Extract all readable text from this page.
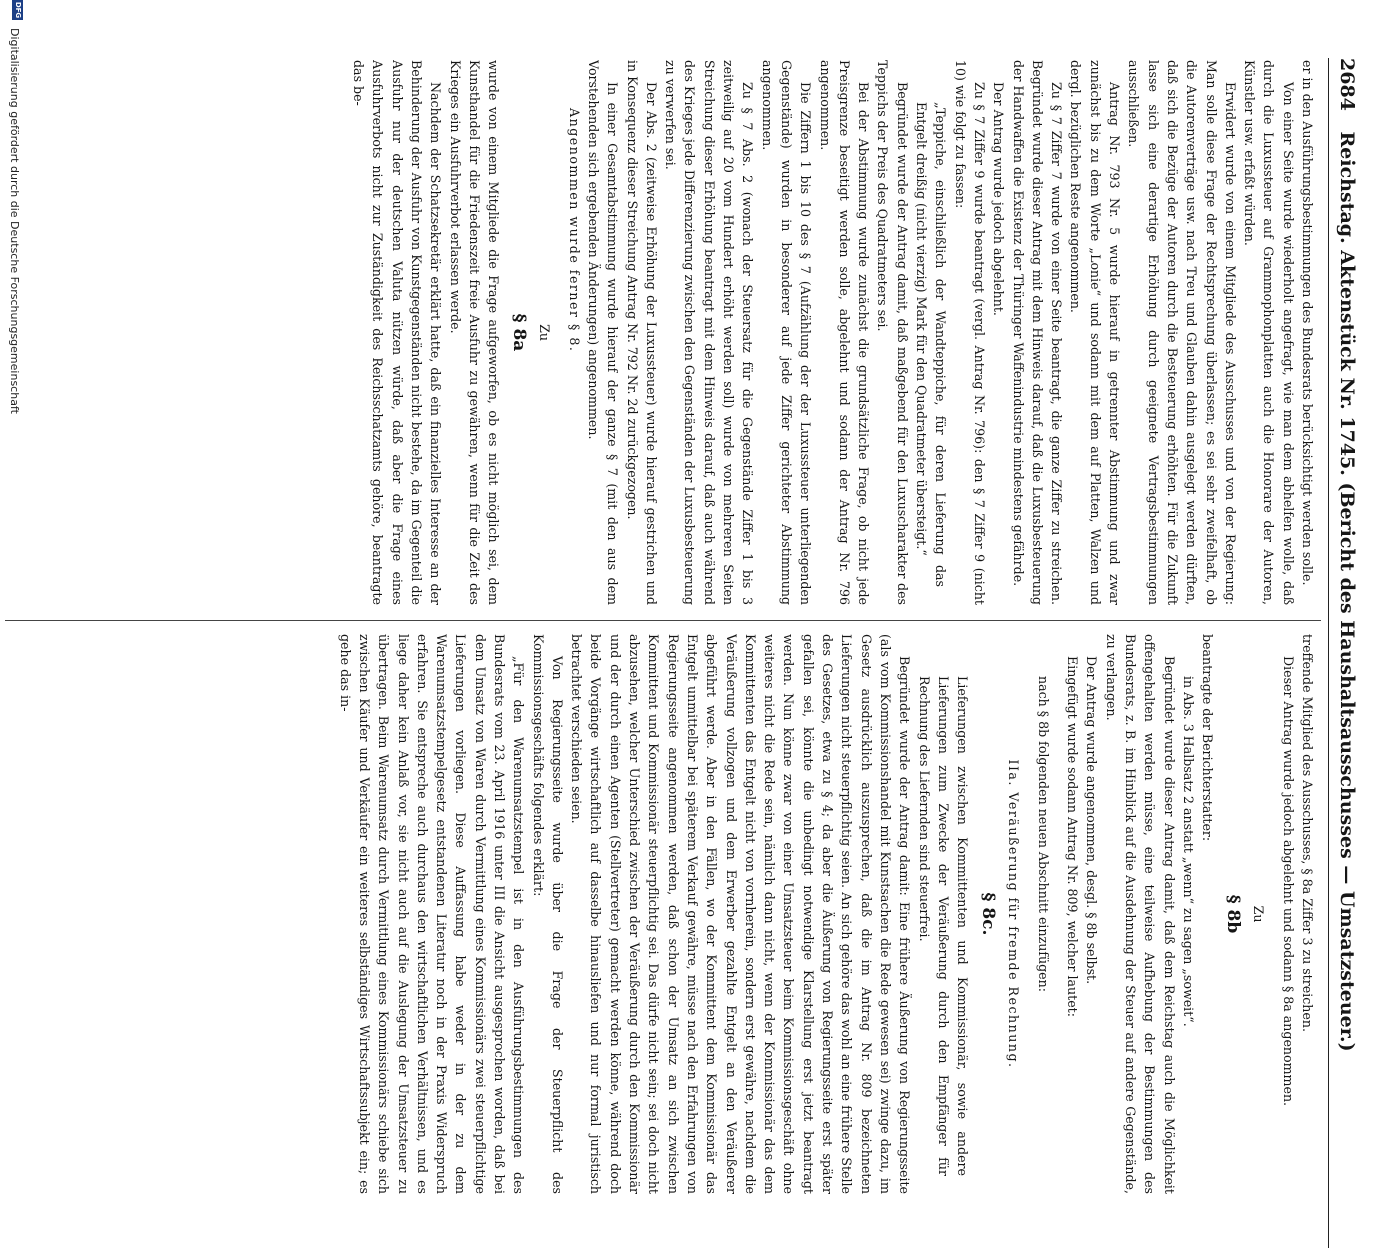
2684 Reichstag. Aktenstück Nr. 1745. (Bericht des Haushaltsausschusses — Umsatzsteuer.)

er in den Ausführungsbestimmungen des Bundesrats berücksichtigt werden solle.

Von einer Seite wurde wiederholt angefragt, wie man dem abhelfen wolle, daß durch die Luxussteuer auf Grammophonplatten auch die Honorare der Autoren, Künstler usw. erfaßt würden.

Erwidert wurde von einem Mitgliede des Ausschusses und von der Regierung: Man solle diese Frage der Rechtsprechung überlassen; es sei sehr zweifelhaft, ob die Autorenverträge usw. nach Treu und Glauben dahin ausgelegt werden dürften, daß sich die Bezüge der Autoren durch die Besteuerung erhöhten. Für die Zukunft lasse sich eine derartige Erhöhung durch geeignete Vertragsbestimmungen ausschließen.

Antrag Nr. 793 Nr. 5 wurde hierauf in getrennter Abstimmung und zwar zunächst bis zu dem Worte „Lonie“ und sodann mit dem auf Platten, Walzen und dergl. bezüglichen Reste angenommen.

Zu § 7 Ziffer 7 wurde von einer Seite beantragt, die ganze Ziffer zu streichen. Begründet wurde dieser Antrag mit dem Hinweis darauf, daß die Luxusbesteuerung der Handwaffen die Existenz der Thüringer Waffenindustrie mindestens gefährde.

Der Antrag wurde jedoch abgelehnt.

Zu § 7 Ziffer 9 wurde beantragt (vergl. Antrag Nr. 796): den § 7 Ziffer 9 (nicht 10) wie folgt zu fassen:

„Teppiche, einschließlich der Wandteppiche, für deren Lieferung das Entgelt dreißig (nicht vierzig) Mark für den Quadratmeter übersteigt.“

Begründet wurde der Antrag damit, daß maßgebend für den Luxuscharakter des Teppichs der Preis des Quadratmeters sei.

Bei der Abstimmung wurde zunächst die grundsätzliche Frage, ob nicht jede Preisgrenze beseitigt werden solle, abgelehnt und sodann der Antrag Nr. 796 angenommen.

Die Ziffern 1 bis 10 des § 7 (Aufzählung der der Luxussteuer unterliegenden Gegenstände) wurden in besonderer auf jede Ziffer gerichteter Abstimmung angenommen.

Zu § 7 Abs. 2 (wonach der Steuersatz für die Gegenstände Ziffer 1 bis 3 zeitweilig auf 20 vom Hundert erhöht werden soll) wurde von mehreren Seiten Streichung dieser Erhöhung beantragt mit dem Hinweis darauf, daß auch während des Krieges jede Differenzierung zwischen den Gegenständen der Luxusbesteuerung zu verwerfen sei.

Der Abs. 2 (zeitweise Erhöhung der Luxussteuer) wurde hierauf gestrichen und in Konsequenz dieser Streichung Antrag Nr. 792 Nr. 2d zurückgezogen.

In einer Gesamtabstimmung wurde hierauf der ganze § 7 (mit den aus dem Vorstehenden sich ergebenden Änderungen) angenommen.

Angenommen wurde ferner § 8.

Zu

§ 8a

wurde von einem Mitgliede die Frage aufgeworfen, ob es nicht möglich sei, dem Kunsthandel für die Friedenszeit freie Ausfuhr zu gewähren, wenn für die Zeit des Krieges ein Ausfuhrverbot erlassen werde.

Nachdem der Schatzsekretär erklärt hatte, daß ein finanzielles Interesse an der Behinderung der Ausfuhr von Kunstgegenständen nicht bestehe, da im Gegenteil die Ausfuhr nur der deutschen Valuta nützen würde, daß aber die Frage eines Ausfuhrverbots nicht zur Zuständigkeit des Reichsschatzamts gehöre, beantragte das be-

treffende Mitglied des Ausschusses, § 8a Ziffer 3 zu streichen.

Dieser Antrag wurde jedoch abgelehnt und sodann § 8a angenommen.

Zu

§ 8b

beantragte der Berichterstatter:

in Abs. 3 Halbsatz 2 anstatt „wenn“ zu sagen „soweit“.

Begründet wurde dieser Antrag damit, daß dem Reichstag auch die Möglichkeit offengehalten werden müsse, eine teilweise Aufhebung der Bestimmungen des Bundesrats, z. B. im Hinblick auf die Ausdehnung der Steuer auf andere Gegenstände, zu verlangen.

Der Antrag wurde angenommen, desgl. § 8b selbst.

Eingefügt wurde sodann Antrag Nr. 809, welcher lautet:

nach § 8b folgenden neuen Abschnitt einzufügen:

IIa. Veräußerung für fremde Rechnung.

§ 8c.

Lieferungen zwischen Kommittenten und Kommissionär, sowie andere Lieferungen zum Zwecke der Veräußerung durch den Empfänger für Rechnung des Liefernden sind steuerfrei.

Begründet wurde der Antrag damit: Eine frühere Äußerung von Regierungsseite (als vom Kommissionshandel mit Kunstsachen die Rede gewesen sei) zwinge dazu, im Gesetz ausdrücklich auszusprechen, daß die im Antrag Nr. 809 bezeichneten Lieferungen nicht steuerpflichtig seien. An sich gehöre das wohl an eine frühere Stelle des Gesetzes, etwa zu § 4; da aber die Äußerung von Regierungsseite erst später gefallen sei, könnte die unbedingt notwendige Klarstellung erst jetzt beantragt werden. Nun könne zwar von einer Umsatzsteuer beim Kommissionsgeschäft ohne weiteres nicht die Rede sein, nämlich dann nicht, wenn der Kommissionär das dem Kommittenten das Entgelt nicht von vornherein, sondern erst gewähre, nachdem die Veräußerung vollzogen und dem Erwerber gezahlte Entgelt an den Veräußerer abgeführt werde. Aber in den Fällen, wo der Kommittent dem Kommissionär das Entgelt unmittelbar bei späterem Verkauf gewähre, müsse nach den Erfahrungen von Regierungsseite angenommen werden, daß schon der Umsatz an sich zwischen Kommittent und Kommissionär steuerpflichtig sei. Das dürfe nicht sein; sei doch nicht abzusehen, welcher Unterschied zwischen der Veräußerung durch den Kommissionär und der durch einen Agenten (Stellvertreter) gemacht werden könne, während doch beide Vorgänge wirtschaftlich auf dasselbe hinausliefen und nur formal juristisch betrachtet verschieden seien.

Von Regierungsseite wurde über die Frage der Steuerpflicht des Kommissionsgeschäfts folgendes erklärt:

„Für den Warenumsatzstempel ist in den Ausführungsbestimmungen des Bundesrats vom 23. April 1916 unter III die Ansicht ausgesprochen worden, daß bei dem Umsatz von Waren durch Vermittlung eines Kommissionärs zwei steuerpflichtige Lieferungen vorliegen. Diese Auffassung habe weder in der zu dem Warenumsatzstempelgesetz entstandenen Literatur noch in der Praxis Widerspruch erfahren. Sie entspreche auch durchaus den wirtschaftlichen Verhältnissen, und es liege daher kein Anlaß vor, sie nicht auch auf die Auslegung der Umsatzsteuer zu übertragen. Beim Warenumsatz durch Vermittlung eines Kommissionärs schiebe sich zwischen Käufer und Verkäufer ein weiteres selbständiges Wirtschaftssubjekt ein; es gehe das in-

DFG
Digitalisierung gefördert durch die Deutsche Forschungsgemeinschaft
